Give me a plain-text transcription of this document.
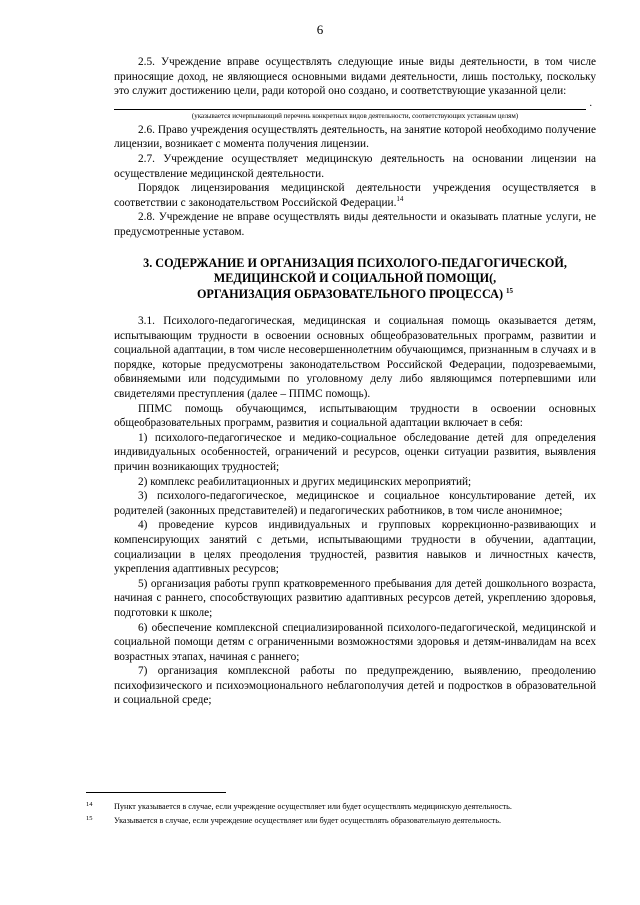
6

2.5. Учреждение вправе осуществлять следующие иные виды деятельности, в том числе приносящие доход, не являющиеся основными видами деятельности, лишь постольку, поскольку это служит достижению цели, ради которой оно создано, и соответствующие указанной цели:

.
(указывается исчерпывающий перечень конкретных видов деятельности, соответствующих уставным целям)

2.6. Право учреждения осуществлять деятельность, на занятие которой необходимо получение лицензии, возникает с момента получения лицензии.

2.7. Учреждение осуществляет медицинскую деятельность на основании лицензии на осуществление медицинской деятельности.

Порядок лицензирования медицинской деятельности учреждения осуществляется в соответствии с законодательством Российской Федерации.$^{14}$

2.8. Учреждение не вправе осуществлять виды деятельности и оказывать платные услуги, не предусмотренные уставом.

3. СОДЕРЖАНИЕ И ОРГАНИЗАЦИЯ ПСИХОЛОГО-ПЕДАГОГИЧЕСКОЙ,
МЕДИЦИНСКОЙ И СОЦИАЛЬНОЙ ПОМОЩИ(,
ОРГАНИЗАЦИЯ ОБРАЗОВАТЕЛЬНОГО ПРОЦЕССА) $^{15}$

3.1. Психолого-педагогическая, медицинская и социальная помощь оказывается детям, испытывающим трудности в освоении основных общеобразовательных программ, развитии и социальной адаптации, в том числе несовершеннолетним обучающимся, признанным в случаях и в порядке, которые предусмотрены законодательством Российской Федерации, подозреваемыми, обвиняемыми или подсудимыми по уголовному делу либо являющимся потерпевшими или свидетелями преступления (далее – ППМС помощь).

ППМС помощь обучающимся, испытывающим трудности в освоении основных общеобразовательных программ, развития и социальной адаптации включает в себя:

1) психолого-педагогическое и медико-социальное обследование детей для определения индивидуальных особенностей, ограничений и ресурсов, оценки ситуации развития, выявления причин возникающих трудностей;

2) комплекс реабилитационных и других медицинских мероприятий;

3) психолого-педагогическое, медицинское и социальное консультирование детей, их родителей (законных представителей) и педагогических работников, в том числе анонимное;

4) проведение курсов индивидуальных и групповых коррекционно-развивающих и компенсирующих занятий с детьми, испытывающими трудности в обучении, адаптации, социализации в целях преодоления трудностей, развития навыков и личностных качеств, укрепления адаптивных ресурсов;

5) организация работы групп кратковременного пребывания для детей дошкольного возраста, начиная с раннего, способствующих развитию адаптивных ресурсов детей, укреплению здоровья, подготовки к школе;

6) обеспечение комплексной специализированной психолого-педагогической, медицинской и социальной помощи детям с ограниченными возможностями здоровья и детям-инвалидам на всех возрастных этапах, начиная с раннего;

7) организация комплексной работы по предупреждению, выявлению, преодолению психофизического и психоэмоционального неблагополучия детей и подростков в образовательной и социальной среде;

14	Пункт указывается в случае, если учреждение осуществляет или будет осуществлять медицинскую деятельность.
15	Указывается в случае, если учреждение осуществляет или будет осуществлять образовательную деятельность.
